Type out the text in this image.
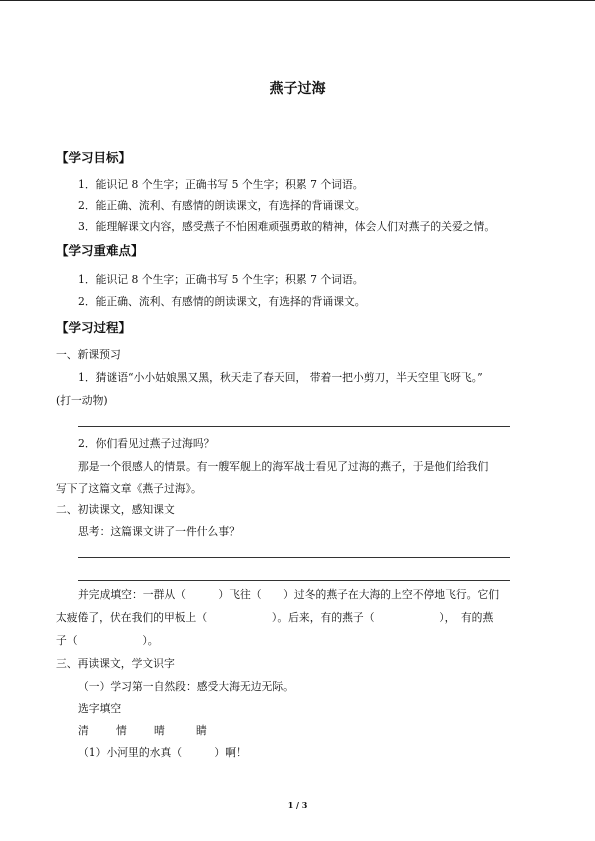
燕子过海
【学习目标】
1．能识记 8 个生字；正确书写 5 个生字；积累 7 个词语。
2．能正确、流利、有感情的朗读课文，有选择的背诵课文。
3．能理解课文内容，感受燕子不怕困难顽强勇敢的精神，体会人们对燕子的关爱之情。
【学习重难点】
1．能识记 8 个生字；正确书写 5 个生字；积累 7 个词语。
2．能正确、流利、有感情的朗读课文，有选择的背诵课文。
【学习过程】
一、新课预习
1．猜谜语“小小姑娘黑又黑，秋天走了春天回， 带着一把小剪刀，半天空里飞呀飞。”
(打一动物)
2．你们看见过燕子过海吗？
那是一个很感人的情景。有一艘军舰上的海军战士看见了过海的燕子，于是他们给我们
写下了这篇文章《燕子过海》。
二、初读课文，感知课文
思考：这篇课文讲了一件什么事？
并完成填空：一群从（　　　）飞往（　　）过冬的燕子在大海的上空不停地飞行。它们
太疲倦了，伏在我们的甲板上（　　　　　　）。后来，有的燕子（　　　　　　），　有的燕
子（　　　　　　）。
三、再读课文，学文识字
（一）学习第一自然段：感受大海无边无际。
选字填空
清	情	晴	睛
（1）小河里的水真（　　　）啊！
1 / 3
